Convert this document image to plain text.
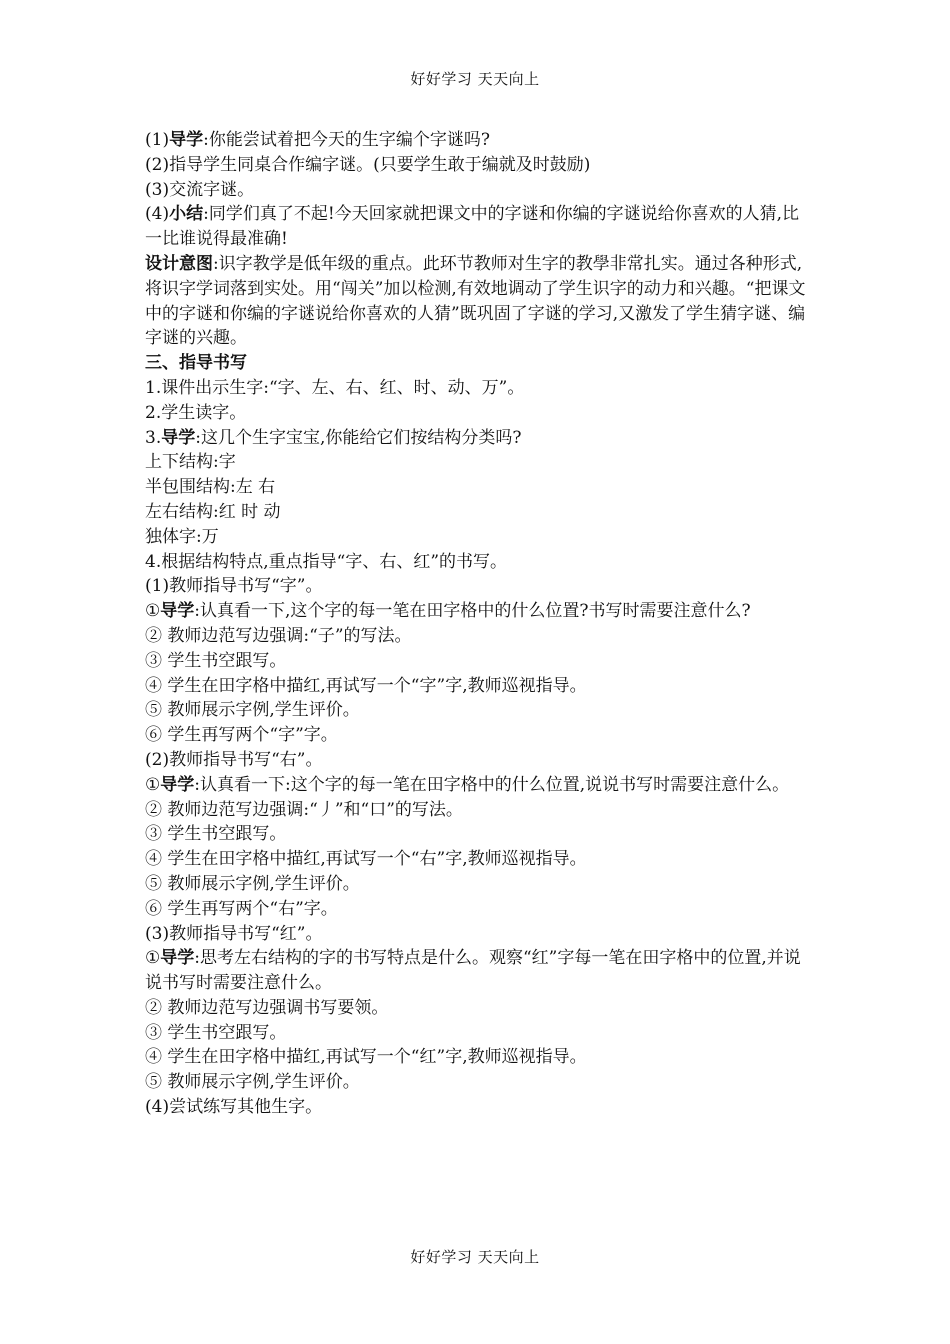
好好学习 天天向上
(1)导学:你能尝试着把今天的生字编个字谜吗?
(2)指导学生同桌合作编字谜。(只要学生敢于编就及时鼓励)
(3)交流字谜。
(4)小结:同学们真了不起!今天回家就把课文中的字谜和你编的字谜说给你喜欢的人猜,比一比谁说得最准确!
设计意图:识字教学是低年级的重点。此环节教师对生字的教學非常扎实。通过各种形式,将识字学词落到实处。用“闯关”加以检测,有效地调动了学生识字的动力和兴趣。“把课文中的字谜和你编的字谜说给你喜欢的人猜”既巩固了字谜的学习,又激发了学生猜字谜、编字谜的兴趣。
三、指导书写
1.课件出示生字:“字、左、右、红、时、动、万”。
2.学生读字。
3.导学:这几个生字宝宝,你能给它们按结构分类吗?
上下结构:字
半包围结构:左 右
左右结构:红 时 动
独体字:万
4.根据结构特点,重点指导“字、右、红”的书写。
(1)教师指导书写“字”。
①导学:认真看一下,这个字的每一笔在田字格中的什么位置?书写时需要注意什么?
② 教师边范写边强调:“子”的写法。
③ 学生书空跟写。
④ 学生在田字格中描红,再试写一个“字”字,教师巡视指导。
⑤ 教师展示字例,学生评价。
⑥ 学生再写两个“字”字。
(2)教师指导书写“右”。
①导学:认真看一下:这个字的每一笔在田字格中的什么位置,说说书写时需要注意什么。
② 教师边范写边强调:“丿”和“口”的写法。
③ 学生书空跟写。
④ 学生在田字格中描红,再试写一个“右”字,教师巡视指导。
⑤ 教师展示字例,学生评价。
⑥ 学生再写两个“右”字。
(3)教师指导书写“红”。
①导学:思考左右结构的字的书写特点是什么。观察“红”字每一笔在田字格中的位置,并说说书写时需要注意什么。
② 教师边范写边强调书写要领。
③ 学生书空跟写。
④ 学生在田字格中描红,再试写一个“红”字,教师巡视指导。
⑤ 教师展示字例,学生评价。
(4)尝试练写其他生字。
好好学习 天天向上
